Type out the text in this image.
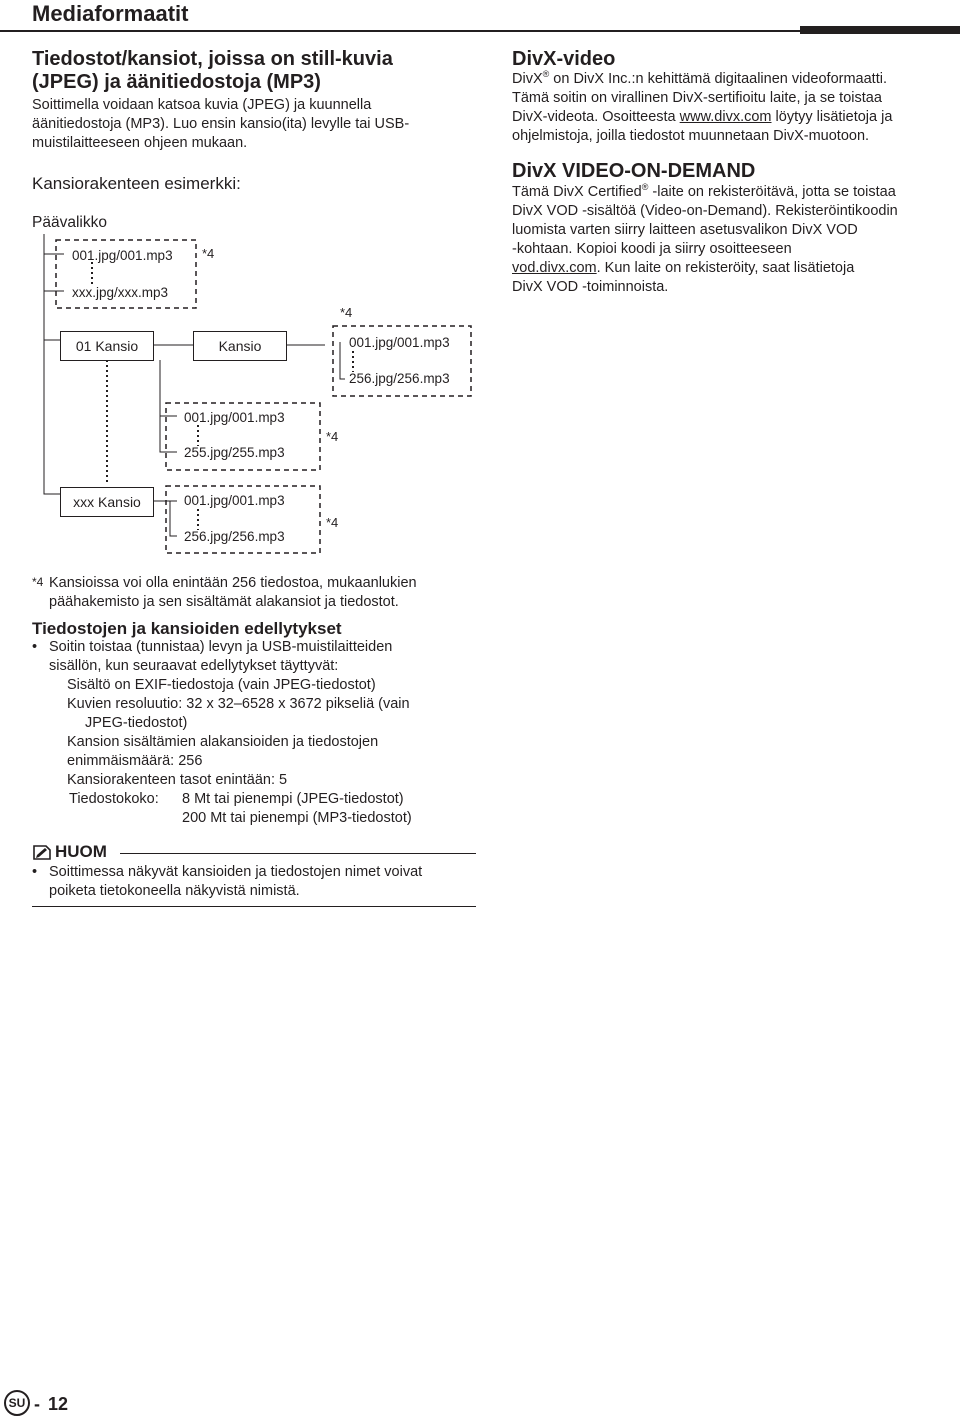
Mediaformaatit
Tiedostot/kansiot, joissa on still-kuvia
(JPEG) ja äänitiedostoja (MP3)
Soittimella voidaan katsoa kuvia (JPEG) ja kuunnella
äänitiedostoja (MP3). Luo ensin kansio(ita) levylle tai USB-
muistilaitteeseen ohjeen mukaan.
Kansiorakenteen esimerkki:
Päävalikko
001.jpg/001.mp3
xxx.jpg/xxx.mp3
*4
*4
01 Kansio	Kansio	001.jpg/001.mp3
256.jpg/256.mp3
001.jpg/001.mp3
255.jpg/255.mp3
*4
xxx Kansio	001.jpg/001.mp3
256.jpg/256.mp3
*4
*4 Kansioissa voi olla enintään 256 tiedostoa, mukaanlukien
päähakemisto ja sen sisältämät alakansiot ja tiedostot.
Tiedostojen ja kansioiden edellytykset
• Soitin toistaa (tunnistaa) levyn ja USB-muistilaitteiden
sisällön, kun seuraavat edellytykset täyttyvät:
Sisältö on EXIF-tiedostoja (vain JPEG-tiedostot)
Kuvien resoluutio: 32 x 32–6528 x 3672 pikseliä (vain
JPEG-tiedostot)
Kansion sisältämien alakansioiden ja tiedostojen
enimmäismäärä: 256
Kansiorakenteen tasot enintään: 5
Tiedostokoko: 8 Mt tai pienempi (JPEG-tiedostot)
200 Mt tai pienempi (MP3-tiedostot)
HUOM
• Soittimessa näkyvät kansioiden ja tiedostojen nimet voivat
poiketa tietokoneella näkyvistä nimistä.
DivX-video
DivX® on DivX Inc.:n kehittämä digitaalinen videoformaatti.
Tämä soitin on virallinen DivX-sertifioitu laite, ja se toistaa
DivX-videota. Osoitteesta www.divx.com löytyy lisätietoja ja
ohjelmistoja, joilla tiedostot muunnetaan DivX-muotoon.
DivX VIDEO-ON-DEMAND
Tämä DivX Certified® -laite on rekisteröitävä, jotta se toistaa
DivX VOD -sisältöä (Video-on-Demand). Rekisteröintikoodin
luomista varten siirry laitteen asetusvalikon DivX VOD
-kohtaan. Kopioi koodi ja siirry osoitteeseen
vod.divx.com. Kun laite on rekisteröity, saat lisätietoja
DivX VOD -toiminnoista.
SU - 12
